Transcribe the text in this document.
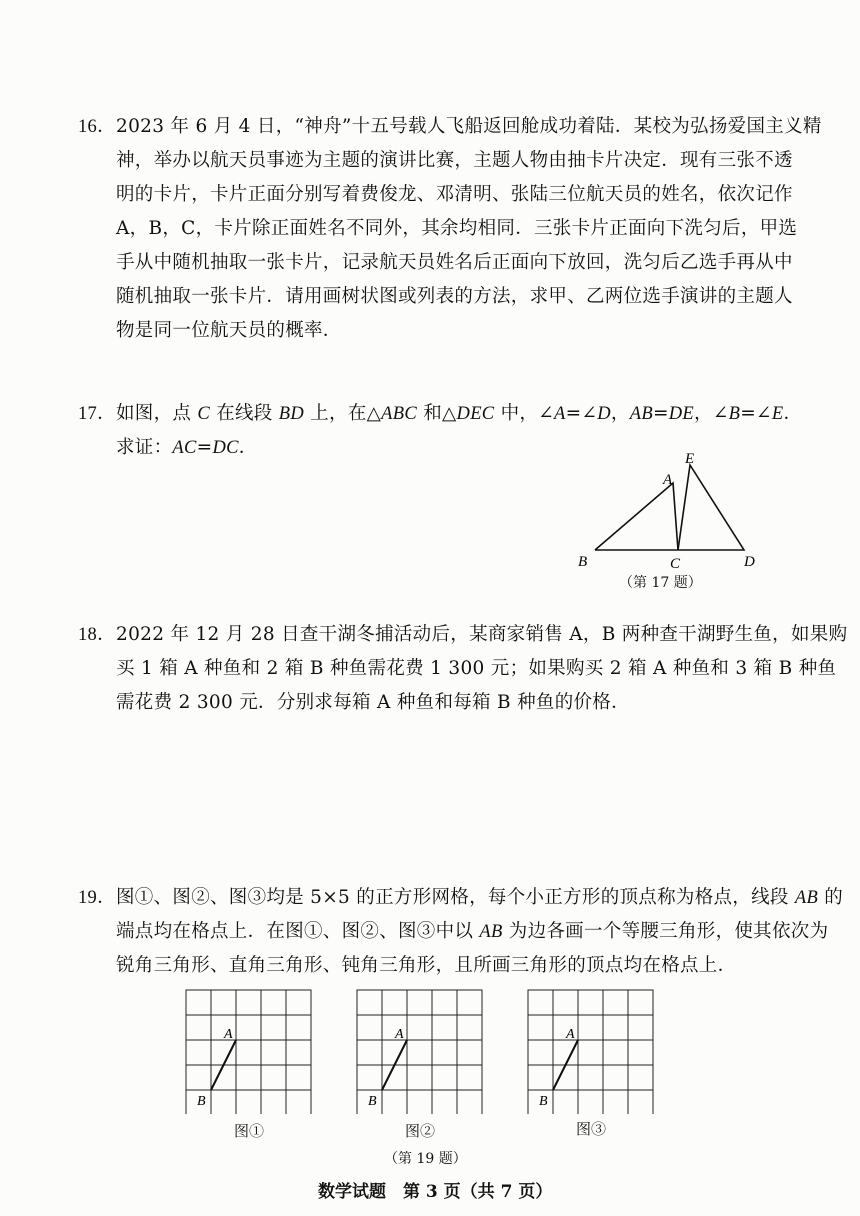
16． 2023 年 6 月 4 日，“神舟”十五号载人飞船返回舱成功着陆．某校为弘扬爱国主义精
神，举办以航天员事迹为主题的演讲比赛，主题人物由抽卡片决定．现有三张不透
明的卡片，卡片正面分别写着费俊龙、邓清明、张陆三位航天员的姓名，依次记作
A，B，C，卡片除正面姓名不同外，其余均相同．三张卡片正面向下洗匀后，甲选
手从中随机抽取一张卡片，记录航天员姓名后正面向下放回，洗匀后乙选手再从中
随机抽取一张卡片．请用画树状图或列表的方法，求甲、乙两位选手演讲的主题人
物是同一位航天员的概率．
17． 如图，点 C 在线段 BD 上，在△ABC 和△DEC 中，∠A=∠D，AB=DE，∠B=∠E．
求证：AC=DC．
E
A
B	C	D
（第 17 题）
18． 2022 年 12 月 28 日查干湖冬捕活动后，某商家销售 A，B 两种查干湖野生鱼，如果购
买 1 箱 A 种鱼和 2 箱 B 种鱼需花费 1 300 元；如果购买 2 箱 A 种鱼和 3 箱 B 种鱼
需花费 2 300 元．分别求每箱 A 种鱼和每箱 B 种鱼的价格．
19． 图①、图②、图③均是 5×5 的正方形网格，每个小正方形的顶点称为格点，线段 AB 的
端点均在格点上．在图①、图②、图③中以 AB 为边各画一个等腰三角形，使其依次为
锐角三角形、直角三角形、钝角三角形，且所画三角形的顶点均在格点上．
A
B
图①
A
B
图②
A
B
图③
（第 19 题）
数学试题　第 3 页（共 7 页）
